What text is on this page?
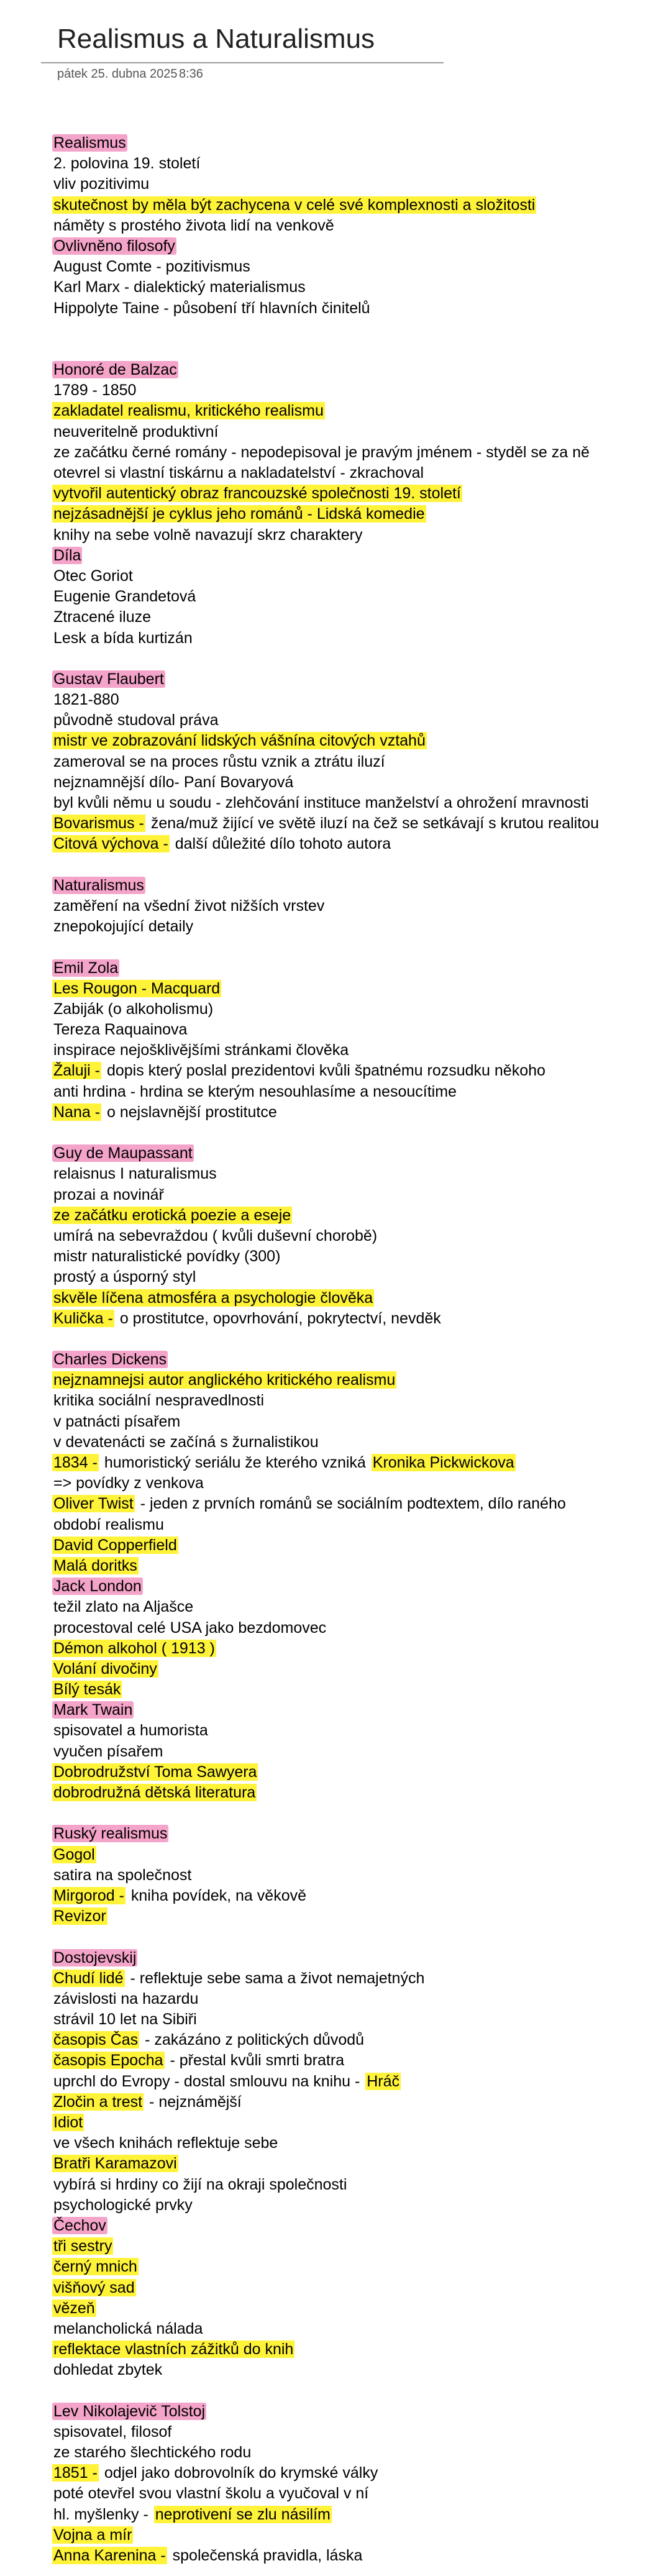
Realismus a Naturalismus
pátek 25. dubna 2025 8:36
Realismus
2. polovina 19. století
vliv pozitivimu
skutečnost by měla být zachycena v celé své komplexnosti a složitosti
náměty s prostého života lidí na venkově
Ovlivněno filosofy
August Comte - pozitivismus
Karl Marx - dialektický materialismus
Hippolyte Taine - působení tří hlavních činitelů
Honoré de Balzac
1789 - 1850
zakladatel realismu, kritického realismu
neuveritelně produktivní
ze začátku černé romány - nepodepisoval je pravým jménem - styděl se za ně
otevrel si vlastní tiskárnu a nakladatelství - zkrachoval
vytvořil autentický obraz francouzské společnosti 19. století
nejzásadnější je cyklus jeho románů - Lidská komedie
knihy na sebe volně navazují skrz charaktery
Díla
Otec Goriot
Eugenie Grandetová
Ztracené iluze
Lesk a bída kurtizán
Gustav Flaubert
1821-880
původně studoval práva
mistr ve zobrazování lidských vášnína citových vztahů
zameroval se na proces růstu vznik a ztrátu iluzí
nejznamnější dílo- Paní Bovaryová
byl kvůli němu u soudu - zlehčování instituce manželství a ohrožení mravnosti
Bovarismus - žena/muž žijící ve světě iluzí na čež se setkávají s krutou realitou
Citová výchova - další důležité dílo tohoto autora
Naturalismus
zaměření na všední život nižších vrstev
znepokojující detaily
Emil Zola
Les Rougon - Macquard
Zabiják (o alkoholismu)
Tereza Raquainova
inspirace nejošklivějšími stránkami člověka
Žaluji - dopis který poslal prezidentovi kvůli špatnému rozsudku někoho
anti hrdina - hrdina se kterým nesouhlasíme a nesoucítime
Nana - o nejslavnější prostitutce
Guy de Maupassant
relaisnus I naturalismus
prozai a novinář
ze začátku erotická poezie a eseje
umírá na sebevraždou ( kvůli duševní chorobě)
mistr naturalistické povídky (300)
prostý a úsporný styl
skvěle líčena atmosféra a psychologie člověka
Kulička - o prostitutce, opovrhování, pokrytectví, nevděk
Charles Dickens
nejznamnejsi autor anglického kritického realismu
kritika sociální nespravedlnosti
v patnácti písařem
v devatenácti se začíná s žurnalistikou
1834 - humoristický seriálu že kterého vzniká Kronika Pickwickova
=> povídky z venkova
Oliver Twist - jeden z prvních románů se sociálním podtextem, dílo raného
období realismu
David Copperfield
Malá doritks
Jack London
težil zlato na Aljašce
procestoval celé USA jako bezdomovec
Démon alkohol ( 1913 )
Volání divočiny
Bílý tesák
Mark Twain
spisovatel a humorista
vyučen písařem
Dobrodružství Toma Sawyera
dobrodružná dětská literatura
Ruský realismus
Gogol
satira na společnost
Mirgorod - kniha povídek, na věkově
Revizor
Dostojevskij
Chudí lidé - reflektuje sebe sama a život nemajetných
závislosti na hazardu
strávil 10 let na Sibiři
časopis Čas - zakázáno z politických důvodů
časopis Epocha - přestal kvůli smrti bratra
uprchl do Evropy - dostal smlouvu na knihu - Hráč
Zločin a trest - nejznámější
Idiot
ve všech knihách reflektuje sebe
Bratři Karamazovi
vybírá si hrdiny co žijí na okraji společnosti
psychologické prvky
Čechov
tři sestry
černý mnich
višňový sad
vězeň
melancholická nálada
reflektace vlastních zážitků do knih
dohledat zbytek
Lev Nikolajevič Tolstoj
spisovatel, filosof
ze starého šlechtického rodu
1851 - odjel jako dobrovolník do krymské války
poté otevřel svou vlastní školu a vyučoval v ní
hl. myšlenky - neprotivení se zlu násilím
Vojna a mír
Anna Karenina - společenská pravidla, láska
